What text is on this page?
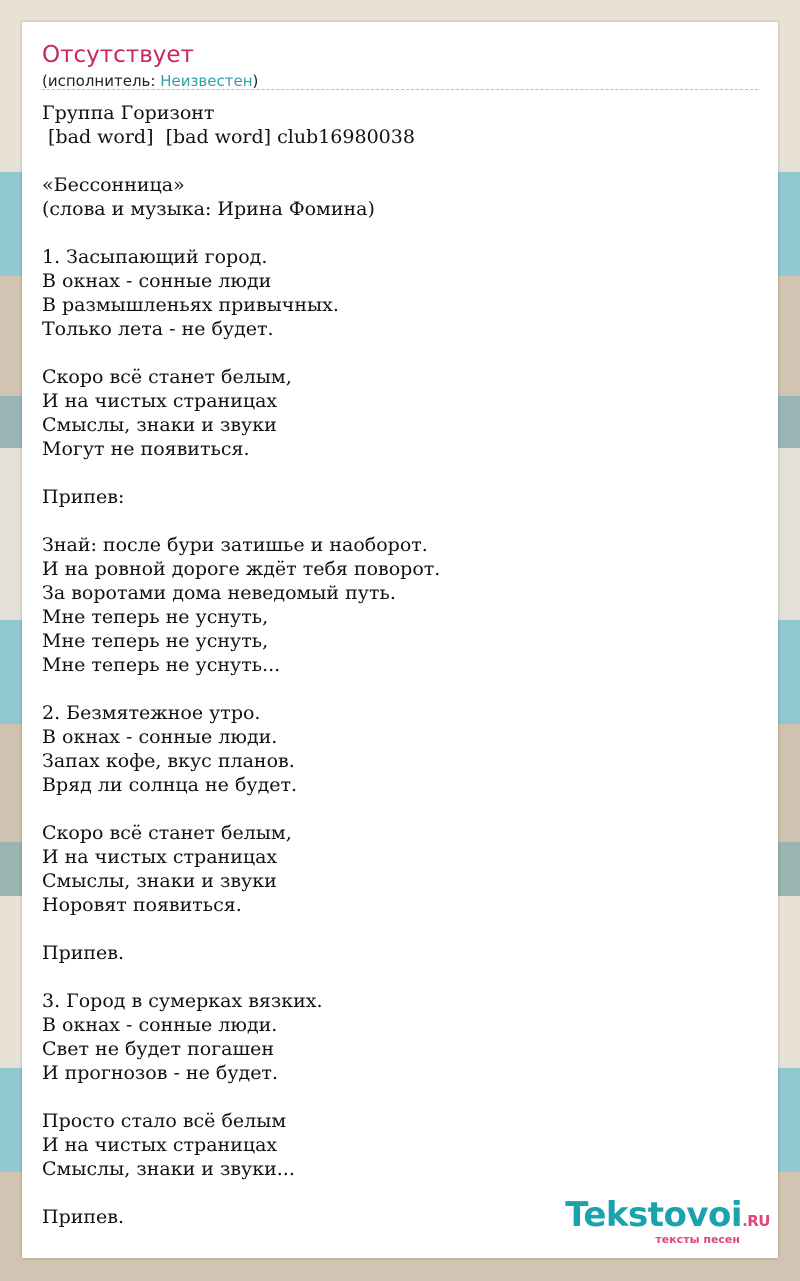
Отсутствует
(исполнитель: Неизвестен)
Группа Горизонт
[bad word]  [bad word] club16980038

«Бессонница»
(слова и музыка: Ирина Фомина)

1. Засыпающий город.
В окнах - сонные люди
В размышленьях привычных.
Только лета - не будет.

Скоро всё станет белым,
И на чистых страницах
Смыслы, знаки и звуки
Могут не появиться.

Припев:

Знай: после бури затишье и наоборот.
И на ровной дороге ждёт тебя поворот.
За воротами дома неведомый путь.
Мне теперь не уснуть,
Мне теперь не уснуть,
Мне теперь не уснуть...

2. Безмятежное утро.
В окнах - сонные люди.
Запах кофе, вкус планов.
Вряд ли солнца не будет.

Скоро всё станет белым,
И на чистых страницах
Смыслы, знаки и звуки
Норовят появиться.

Припев.

3. Город в сумерках вязких.
В окнах - сонные люди.
Свет не будет погашен
И прогнозов - не будет.

Просто стало всё белым
И на чистых страницах
Смыслы, знаки и звуки...

Припев.	Tekstovoi.RU
тексты песен
